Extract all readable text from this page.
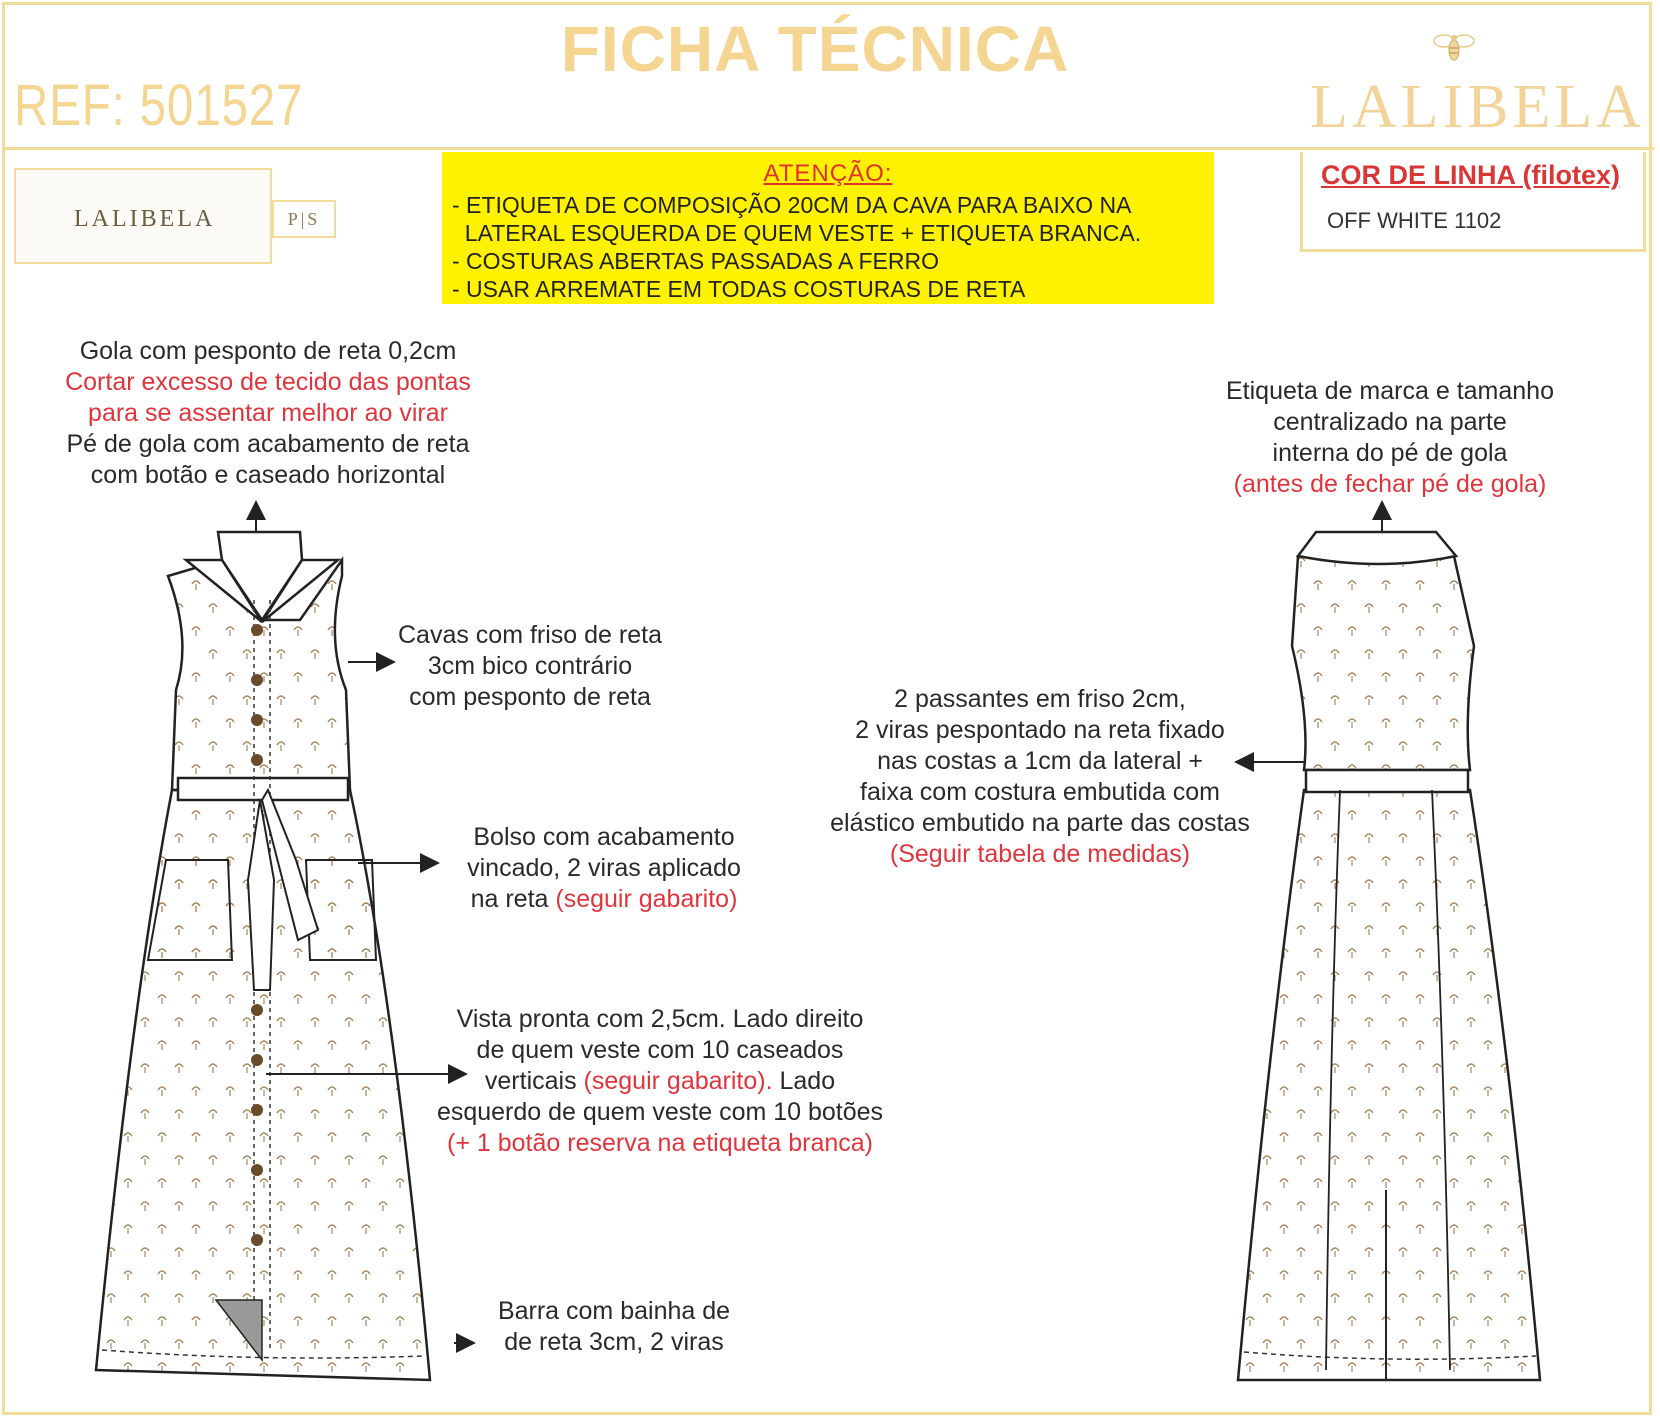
FICHA TÉCNICA
REF: 501527	LALIBELA
LALIBELA	P|S
ATENÇÃO:
- ETIQUETA DE COMPOSIÇÃO 20CM DA CAVA PARA BAIXO NA
LATERAL ESQUERDA DE QUEM VESTE + ETIQUETA BRANCA.
- COSTURAS ABERTAS PASSADAS A FERRO
- USAR ARREMATE EM TODAS COSTURAS DE RETA
COR DE LINHA (filotex)
OFF WHITE 1102
Gola com pesponto de reta 0,2cm
Cortar excesso de tecido das pontas
para se assentar melhor ao virar
Pé de gola com acabamento de reta
com botão e caseado horizontal
Cavas com friso de reta
3cm bico contrário
com pesponto de reta
Bolso com acabamento
vincado, 2 viras aplicado
na reta (seguir gabarito)
Vista pronta com 2,5cm. Lado direito
de quem veste com 10 caseados
verticais (seguir gabarito). Lado
esquerdo de quem veste com 10 botões
(+ 1 botão reserva na etiqueta branca)
Barra com bainha de
de reta 3cm, 2 viras
Etiqueta de marca e tamanho
centralizado na parte
interna do pé de gola
(antes de fechar pé de gola)
2 passantes em friso 2cm,
2 viras pespontado na reta fixado
nas costas a 1cm da lateral +
faixa com costura embutida com
elástico embutido na parte das costas
(Seguir tabela de medidas)
